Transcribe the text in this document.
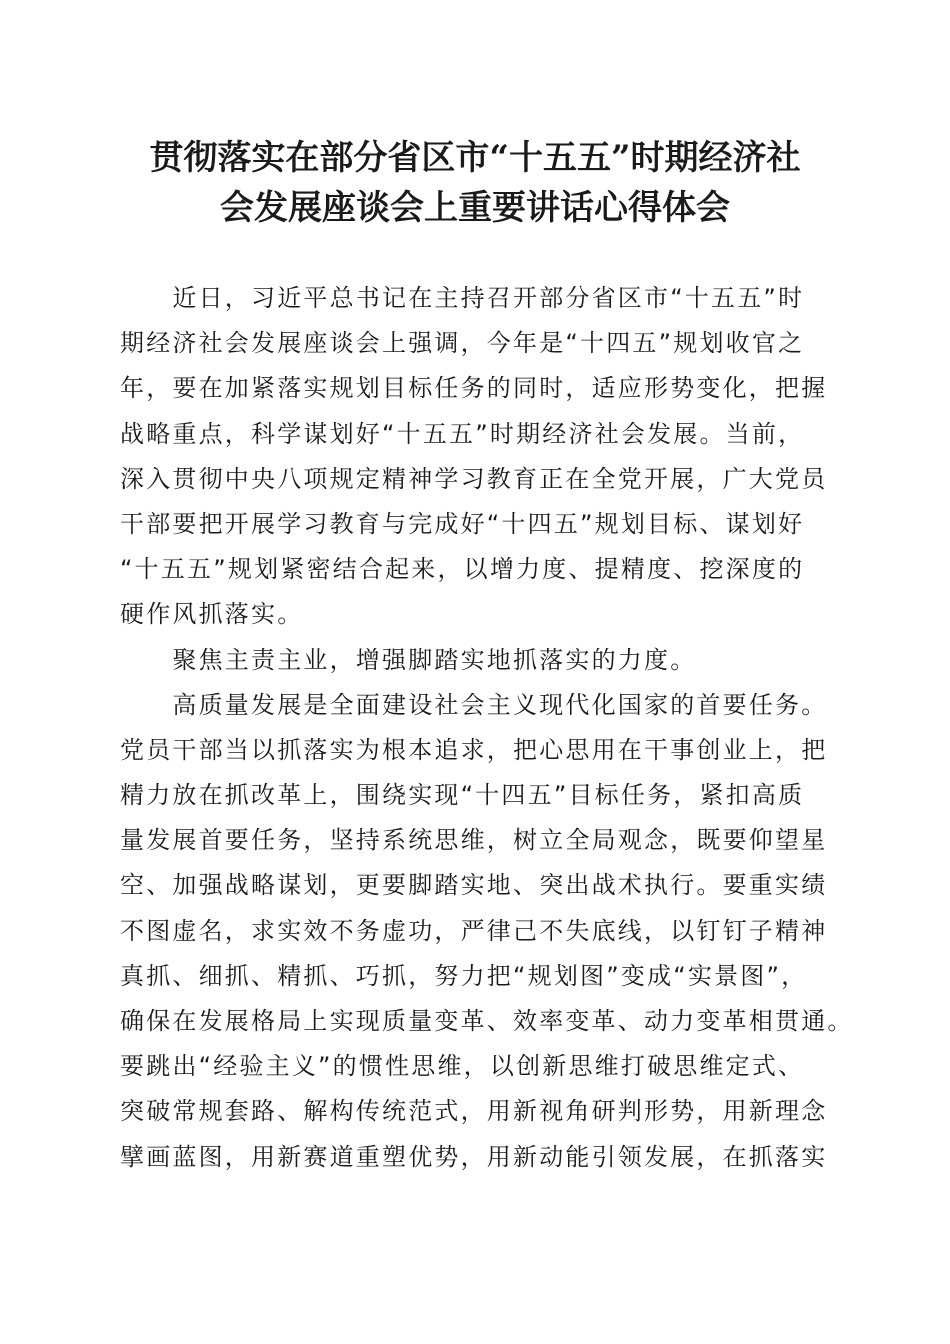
贯彻落实在部分省区市“十五五”时期经济社
会发展座谈会上重要讲话心得体会
　　近日，习近平总书记在主持召开部分省区市“十五五”时
期经济社会发展座谈会上强调，今年是“十四五”规划收官之
年，要在加紧落实规划目标任务的同时，适应形势变化，把握
战略重点，科学谋划好“十五五”时期经济社会发展。当前，
深入贯彻中央八项规定精神学习教育正在全党开展，广大党员
干部要把开展学习教育与完成好“十四五”规划目标、谋划好
“十五五”规划紧密结合起来，以增力度、提精度、挖深度的
硬作风抓落实。
　　聚焦主责主业，增强脚踏实地抓落实的力度。
　　高质量发展是全面建设社会主义现代化国家的首要任务。
党员干部当以抓落实为根本追求，把心思用在干事创业上，把
精力放在抓改革上，围绕实现“十四五”目标任务，紧扣高质
量发展首要任务，坚持系统思维，树立全局观念，既要仰望星
空、加强战略谋划，更要脚踏实地、突出战术执行。要重实绩
不图虚名，求实效不务虚功，严律己不失底线，以钉钉子精神
真抓、细抓、精抓、巧抓，努力把“规划图”变成“实景图”，
确保在发展格局上实现质量变革、效率变革、动力变革相贯通。
要跳出“经验主义”的惯性思维，以创新思维打破思维定式、
突破常规套路、解构传统范式，用新视角研判形势，用新理念
擘画蓝图，用新赛道重塑优势，用新动能引领发展，在抓落实
